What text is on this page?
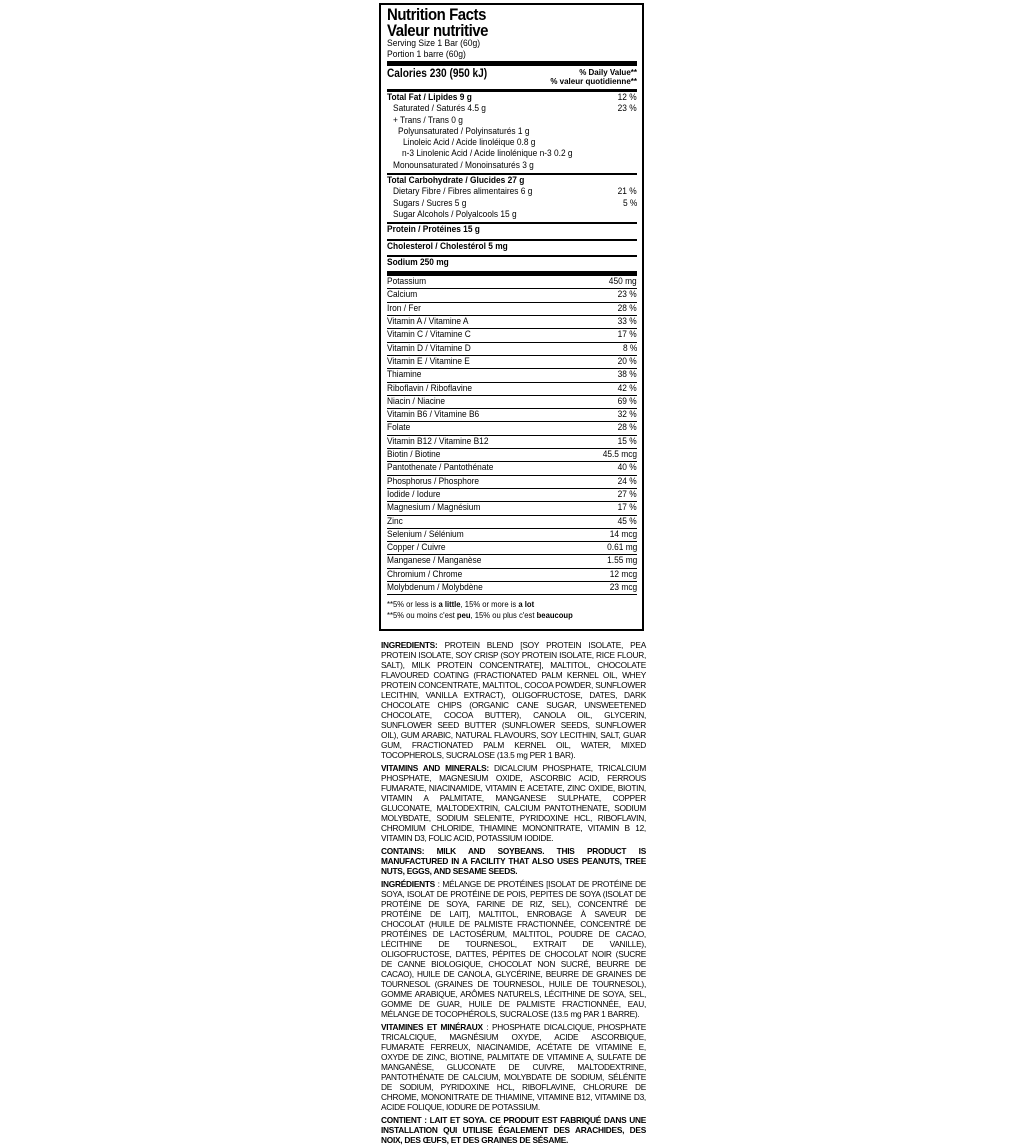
Nutrition Facts
Valeur nutritive
Serving Size 1 Bar (60g)
Portion 1 barre (60g)
Calories 230 (950 kJ)	% Daily Value**
% valeur quotidienne**
Total Fat / Lipides 9 g	12 %
Saturated / Saturés 4.5 g	23 %
+ Trans / Trans 0 g
Polyunsaturated / Polyinsaturés 1 g
Linoleic Acid / Acide linoléique 0.8 g
n-3 Linolenic Acid / Acide linolénique n-3 0.2 g
Monounsaturated / Monoinsaturés 3 g
Total Carbohydrate / Glucides 27 g
Dietary Fibre / Fibres alimentaires 6 g	21 %
Sugars / Sucres 5 g	5 %
Sugar Alcohols / Polyalcools 15 g
Protein / Protéines 15 g
Cholesterol / Cholestérol 5 mg
Sodium 250 mg
Potassium	450 mg
Calcium	23 %
Iron / Fer	28 %
Vitamin A / Vitamine A	33 %
Vitamin C / Vitamine C	17 %
Vitamin D / Vitamine D	8 %
Vitamin E / Vitamine E	20 %
Thiamine	38 %
Riboflavin / Riboflavine	42 %
Niacin / Niacine	69 %
Vitamin B6 / Vitamine B6	32 %
Folate	28 %
Vitamin B12 / Vitamine B12	15 %
Biotin / Biotine	45.5 mcg
Pantothenate / Pantothénate	40 %
Phosphorus / Phosphore	24 %
Iodide / Iodure	27 %
Magnesium / Magnésium	17 %
Zinc	45 %
Selenium / Sélénium	14 mcg
Copper / Cuivre	0.61 mg
Manganese / Manganèse	1.55 mg
Chromium / Chrome	12 mcg
Molybdenum / Molybdène	23 mcg
**5% or less is a little, 15% or more is a lot
**5% ou moins c'est peu, 15% ou plus c'est beaucoup
INGREDIENTS: PROTEIN BLEND [SOY PROTEIN ISOLATE, PEA PROTEIN ISOLATE, SOY CRISP (SOY PROTEIN ISOLATE, RICE FLOUR, SALT), MILK PROTEIN CONCENTRATE], MALTITOL, CHOCOLATE FLAVOURED COATING (FRACTIONATED PALM KERNEL OIL, WHEY PROTEIN CONCENTRATE, MALTITOL, COCOA POWDER, SUNFLOWER LECITHIN, VANILLA EXTRACT), OLIGOFRUCTOSE, DATES, DARK CHOCOLATE CHIPS (ORGANIC CANE SUGAR, UNSWEETENED CHOCOLATE, COCOA BUTTER), CANOLA OIL, GLYCERIN, SUNFLOWER SEED BUTTER (SUNFLOWER SEEDS, SUNFLOWER OIL), GUM ARABIC, NATURAL FLAVOURS, SOY LECITHIN, SALT, GUAR GUM, FRACTIONATED PALM KERNEL OIL, WATER, MIXED TOCOPHEROLS, SUCRALOSE (13.5 mg PER 1 BAR).
VITAMINS AND MINERALS: DICALCIUM PHOSPHATE, TRICALCIUM PHOSPHATE, MAGNESIUM OXIDE, ASCORBIC ACID, FERROUS FUMARATE, NIACINAMIDE, VITAMIN E ACETATE, ZINC OXIDE, BIOTIN, VITAMIN A PALMITATE, MANGANESE SULPHATE, COPPER GLUCONATE, MALTODEXTRIN, CALCIUM PANTOTHENATE, SODIUM MOLYBDATE, SODIUM SELENITE, PYRIDOXINE HCL, RIBOFLAVIN, CHROMIUM CHLORIDE, THIAMINE MONONITRATE, VITAMIN B 12, VITAMIN D3, FOLIC ACID, POTASSIUM IODIDE.
CONTAINS: MILK AND SOYBEANS. THIS PRODUCT IS MANUFACTURED IN A FACILITY THAT ALSO USES PEANUTS, TREE NUTS, EGGS, AND SESAME SEEDS.
INGRÉDIENTS : MÉLANGE DE PROTÉINES [ISOLAT DE PROTÉINE DE SOYA, ISOLAT DE PROTÉINE DE POIS, PEPITES DE SOYA (ISOLAT DE PROTÉINE DE SOYA, FARINE DE RIZ, SEL), CONCENTRÉ DE PROTÉINE DE LAIT], MALTITOL, ENROBAGE À SAVEUR DE CHOCOLAT (HUILE DE PALMISTE FRACTIONNÉE, CONCENTRÉ DE PROTÉINES DE LACTOSÉRUM, MALTITOL, POUDRE DE CACAO, LÉCITHINE DE TOURNESOL, EXTRAIT DE VANILLE), OLIGOFRUCTOSE, DATTES, PÉPITES DE CHOCOLAT NOIR (SUCRE DE CANNE BIOLOGIQUE, CHOCOLAT NON SUCRÉ, BEURRE DE CACAO), HUILE DE CANOLA, GLYCÉRINE, BEURRE DE GRAINES DE TOURNESOL (GRAINES DE TOURNESOL, HUILE DE TOURNESOL), GOMME ARABIQUE, ARÔMES NATURELS, LÉCITHINE DE SOYA, SEL, GOMME DE GUAR, HUILE DE PALMISTE FRACTIONNÉE, EAU, MÉLANGE DE TOCOPHÉROLS, SUCRALOSE (13.5 mg PAR 1 BARRE).
VITAMINES ET MINÉRAUX : PHOSPHATE DICALCIQUE, PHOSPHATE TRICALCIQUE, MAGNÉSIUM OXYDE, ACIDE ASCORBIQUE, FUMARATE FERREUX, NIACINAMIDE, ACÉTATE DE VITAMINE E, OXYDE DE ZINC, BIOTINE, PALMITATE DE VITAMINE A, SULFATE DE MANGANÈSE, GLUCONATE DE CUIVRE, MALTODEXTRINE, PANTOTHÉNATE DE CALCIUM, MOLYBDATE DE SODIUM, SÉLÉNITE DE SODIUM, PYRIDOXINE HCL, RIBOFLAVINE, CHLORURE DE CHROME, MONONITRATE DE THIAMINE, VITAMINE B12, VITAMINE D3, ACIDE FOLIQUE, IODURE DE POTASSIUM.
CONTIENT : LAIT ET SOYA. CE PRODUIT EST FABRIQUÉ DANS UNE INSTALLATION QUI UTILISE ÉGALEMENT DES ARACHIDES, DES NOIX, DES ŒUFS, ET DES GRAINES DE SÉSAME.
